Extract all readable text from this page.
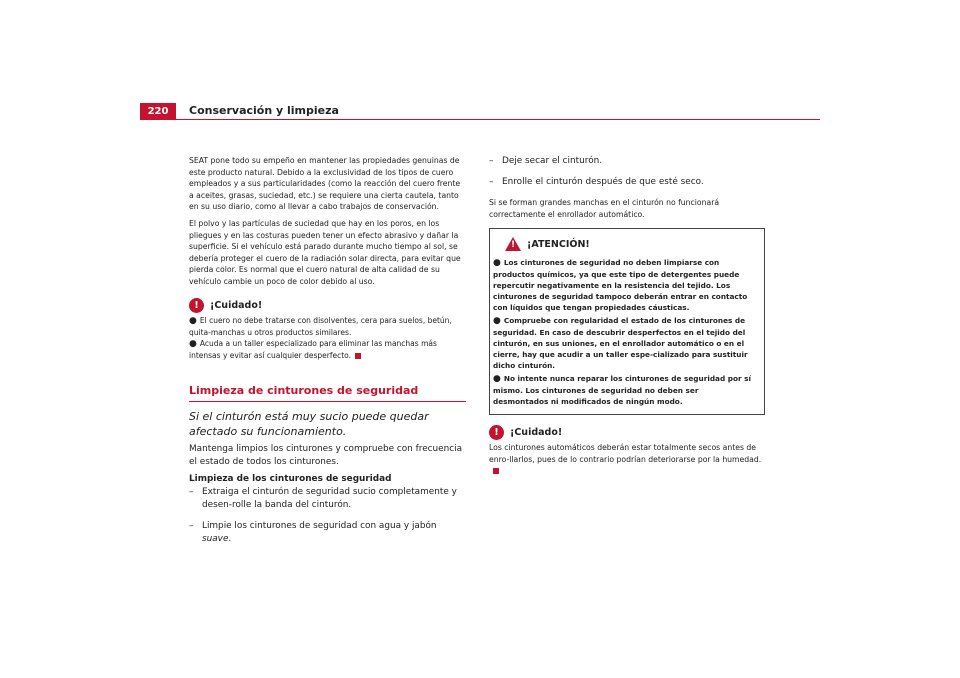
220	Conservación y limpieza

SEAT pone todo su empeño en mantener las propiedades genuinas de este producto natural. Debido a la exclusividad de los tipos de cuero empleados y a sus particularidades (como la reacción del cuero frente a aceites, grasas, suciedad, etc.) se requiere una cierta cautela, tanto en su uso diario, como al llevar a cabo trabajos de conservación.

El polvo y las partículas de suciedad que hay en los poros, en los pliegues y en las costuras pueden tener un efecto abrasivo y dañar la superficie. Si el vehículo está parado durante mucho tiempo al sol, se debería proteger el cuero de la radiación solar directa, para evitar que pierda color. Es normal que el cuero natural de alta calidad de su vehículo cambie un poco de color debido al uso.

!	¡Cuidado!

● El cuero no debe tratarse con disolventes, cera para suelos, betún, quita-manchas u otros productos similares.

● Acuda a un taller especializado para eliminar las manchas más intensas y evitar así cualquier desperfecto.

Limpieza de cinturones de seguridad
Si el cinturón está muy sucio puede quedar afectado su funcionamiento.

Mantenga limpios los cinturones y compruebe con frecuencia el estado de todos los cinturones.

Limpieza de los cinturones de seguridad

– Extraiga el cinturón de seguridad sucio completamente y desen-rolle la banda del cinturón.
– Limpie los cinturones de seguridad con agua y jabón suave.
– Deje secar el cinturón.
– Enrolle el cinturón después de que esté seco.

Si se forman grandes manchas en el cinturón no funcionará correctamente el enrollador automático.

! ¡ATENCIÓN!

● Los cinturones de seguridad no deben limpiarse con productos químicos, ya que este tipo de detergentes puede repercutir negativamente en la resistencia del tejido. Los cinturones de seguridad tampoco deberán entrar en contacto con líquidos que tengan propiedades cáusticas.

● Compruebe con regularidad el estado de los cinturones de seguridad. En caso de descubrir desperfectos en el tejido del cinturón, en sus uniones, en el enrollador automático o en el cierre, hay que acudir a un taller espe-cializado para sustituir dicho cinturón.

● No intente nunca reparar los cinturones de seguridad por sí mismo. Los cinturones de seguridad no deben ser desmontados ni modificados de ningún modo.

!	¡Cuidado!

Los cinturones automáticos deberán estar totalmente secos antes de enro-llarlos, pues de lo contrario podrían deteriorarse por la humedad.
